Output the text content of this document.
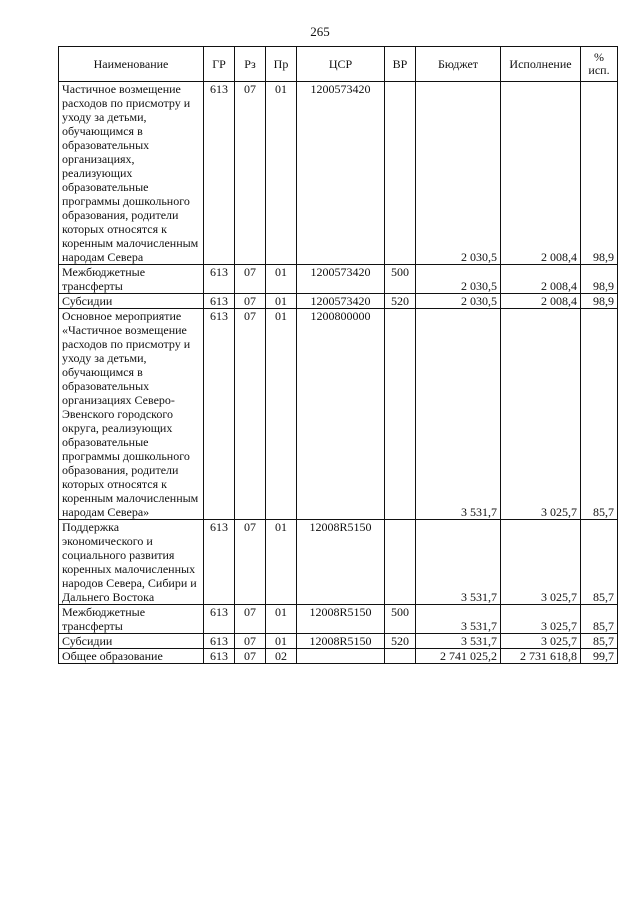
265
Наименование	ГР	Рз	Пр	ЦСР	ВР	Бюджет	Исполнение	%
исп.
Частичное возмещение расходов по присмотру и уходу за детьми, обучающимся в образовательных организациях, реализующих образовательные программы дошкольного образования, родители которых относятся к коренным малочисленным народам Севера	613	07	01	1200573420		2 030,5	2 008,4	98,9
Межбюджетные трансферты	613	07	01	1200573420	500	2 030,5	2 008,4	98,9
Субсидии	613	07	01	1200573420	520	2 030,5	2 008,4	98,9
Основное мероприятие «Частичное возмещение расходов по присмотру и уходу за детьми, обучающимся в образовательных организациях Северо-Эвенского городского округа, реализующих образовательные программы дошкольного образования, родители которых относятся к коренным малочисленным народам Севера»	613	07	01	1200800000		3 531,7	3 025,7	85,7
Поддержка экономического и социального развития коренных малочисленных народов Севера, Сибири и Дальнего Востока	613	07	01	12008R5150		3 531,7	3 025,7	85,7
Межбюджетные трансферты	613	07	01	12008R5150	500	3 531,7	3 025,7	85,7
Субсидии	613	07	01	12008R5150	520	3 531,7	3 025,7	85,7
Общее образование	613	07	02			2 741 025,2	2 731 618,8	99,7
